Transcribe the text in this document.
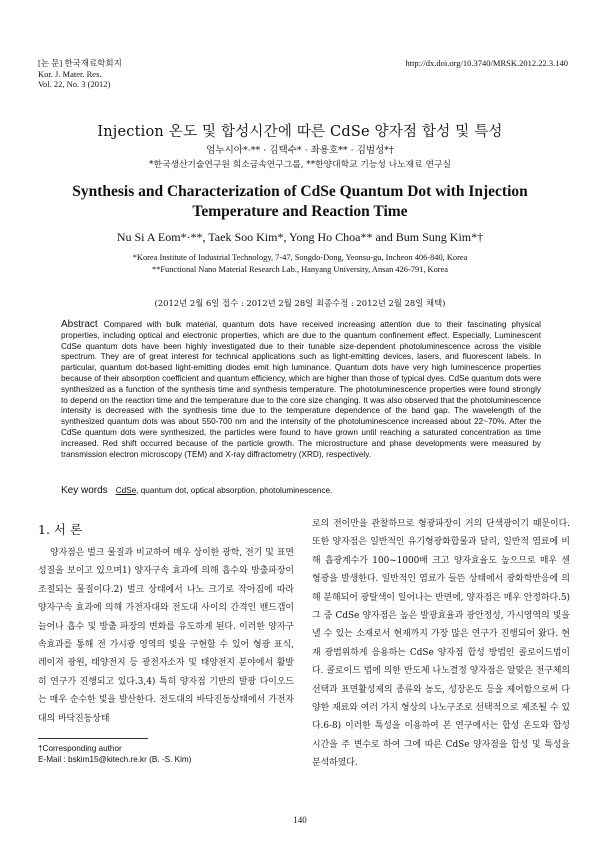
[논 문] 한국재료학회지
Kor. J. Mater. Res.
Vol. 22, No. 3 (2012)
http://dx.doi.org/10.3740/MRSK.2012.22.3.140
Injection 온도 및 합성시간에 따른 CdSe 양자점 합성 및 특성
엄누시아*·** · 김택수* · 좌용호** · 김범성*†
*한국생산기술연구원 희소금속연구그룹, **한양대학교 기능성 나노재료 연구실
Synthesis and Characterization of CdSe Quantum Dot with Injection Temperature and Reaction Time
Nu Si A Eom*·**, Taek Soo Kim*, Yong Ho Choa** and Bum Sung Kim*†
*Korea Institute of Industrial Technology, 7-47, Songdo-Dong, Yeonsu-gu, Incheon 406-840, Korea
**Functional Nano Material Research Lab., Hanyang University, Ansan 426-791, Korea
(2012년 2월 6일 접수 : 2012년 2월 28일 최종수정 : 2012년 2월 28일 채택)
Abstract Compared with bulk material, quantum dots have received increasing attention due to their fascinating physical properties, including optical and electronic properties, which are due to the quantum confinement effect. Especially, Luminescent CdSe quantum dots have been highly investigated due to their tunable size-dependent photoluminescence across the visible spectrum. They are of great interest for technical applications such as light-emitting devices, lasers, and fluorescent labels. In particular, quantum dot-based light-emitting diodes emit high luminance. Quantum dots have very high luminescence properties because of their absorption coefficient and quantum efficiency, which are higher than those of typical dyes. CdSe quantum dots were synthesized as a function of the synthesis time and synthesis temperature. The photoluminescence properties were found strongly to depend on the reaction time and the temperature due to the core size changing. It was also observed that the photoluminescence intensity is decreased with the synthesis time due to the temperature dependence of the band gap. The wavelength of the synthesized quantum dots was about 550-700 nm and the intensity of the photoluminescence increased about 22~70%. After the CdSe quantum dots were synthesized, the particles were found to have grown until reaching a saturated concentration as time increased. Red shift occurred because of the particle growth. The microstructure and phase developments were measured by transmission electron microscopy (TEM) and X-ray diffractometry (XRD), respectively.
Key words CdSe, quantum dot, optical absorption, photoluminescence.
1. 서 론
양자점은 벌크 물질과 비교하여 매우 상이한 광학, 전기 및 표면 성질을 보이고 있으며1) 양자구속 효과에 의해 흡수와 방출파장이 조절되는 물질이다.2) 벌크 상태에서 나노 크기로 작아짐에 따라 양자구속 효과에 의해 가전자대와 전도대 사이의 간격인 밴드갭이 늘어나 흡수 및 방출 파장의 변화를 유도하게 된다. 이러한 양자구속효과를 통해 전 가시광 영역의 빛을 구현할 수 있어 형광 표식, 레이저 광원, 태양전지 등 광전자소자 및 태양전지 분야에서 활발히 연구가 진행되고 있다.3,4) 특히 양자점 기반의 발광 다이오드는 매우 순수한 빛을 발산한다. 전도대의 바닥진동상태에서 가전자대의 바닥진동상태
로의 전이만을 관찰하므로 형광파장이 거의 단색광이기 때문이다. 또한 양자점은 일반적인 유기형광화합물과 달리, 일반적 염료에 비해 흡광계수가 100~1000배 크고 양자효율도 높으므로 매우 센 형광을 발생한다. 일반적인 염료가 들뜬 상태에서 광화학반응에 의해 분해되어 광탈색이 일어나는 반면에, 양자점은 매우 안정하다.5) 그 중 CdSe 양자점은 높은 발광효율과 광안정성, 가시영역의 빛을 낼 수 있는 소재로서 현재까지 가장 많은 연구가 진행되어 왔다. 현재 광범위하게 응용하는 CdSe 양자점 합성 방법인 콜로이드법이다. 콜로이드 법에 의한 반도체 나노결정 양자점은 알맞은 전구체의 선택과 표면활성제의 종류와 농도, 성장온도 등을 제어함으로써 다양한 재료와 여러 가지 형상의 나노구조로 선택적으로 제조될 수 있다.6-8) 이러한 특성을 이용하여 본 연구에서는 합성 온도와 합성 시간을 주 변수로 하여 그에 따른 CdSe 양자점을 합성 및 특성을 분석하였다.
†Corresponding author
E-Mail : bskim15@kitech.re.kr (B. -S. Kim)
140
